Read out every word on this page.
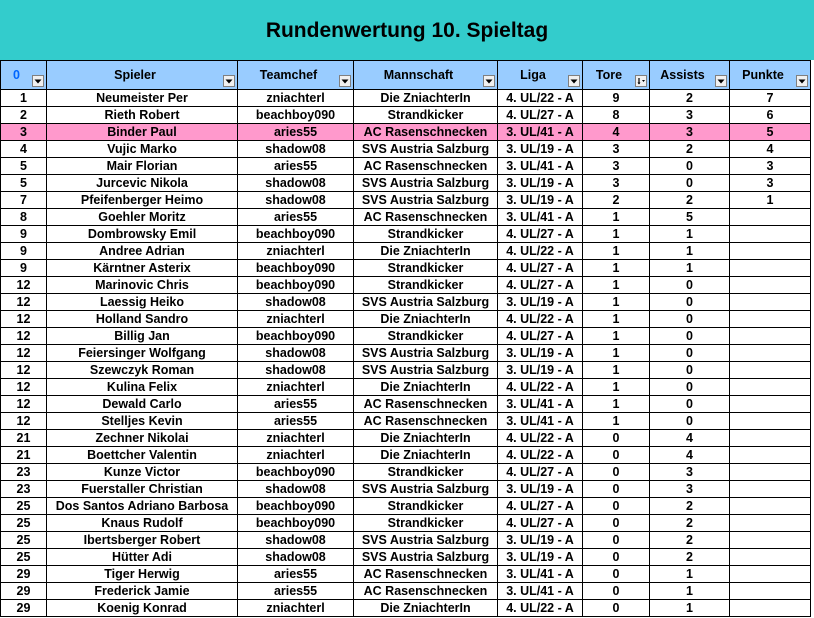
Rundenwertung 10. Spieltag
0	Spieler	Teamchef	Mannschaft	Liga	Tore	Assists	Punkte

1	Neumeister Per	zniachterl	Die ZniachterIn	4. UL/22 - A	9	2	7
2	Rieth Robert	beachboy090	Strandkicker	4. UL/27 - A	8	3	6
3	Binder Paul	aries55	AC Rasenschnecken	3. UL/41 - A	4	3	5
4	Vujic Marko	shadow08	SVS Austria Salzburg	3. UL/19 - A	3	2	4
5	Mair Florian	aries55	AC Rasenschnecken	3. UL/41 - A	3	0	3
5	Jurcevic Nikola	shadow08	SVS Austria Salzburg	3. UL/19 - A	3	0	3
7	Pfeifenberger Heimo	shadow08	SVS Austria Salzburg	3. UL/19 - A	2	2	1
8	Goehler Moritz	aries55	AC Rasenschnecken	3. UL/41 - A	1	5	
9	Dombrowsky Emil	beachboy090	Strandkicker	4. UL/27 - A	1	1	
9	Andree Adrian	zniachterl	Die ZniachterIn	4. UL/22 - A	1	1	
9	Kärntner Asterix	beachboy090	Strandkicker	4. UL/27 - A	1	1	
12	Marinovic Chris	beachboy090	Strandkicker	4. UL/27 - A	1	0	
12	Laessig Heiko	shadow08	SVS Austria Salzburg	3. UL/19 - A	1	0	
12	Holland Sandro	zniachterl	Die ZniachterIn	4. UL/22 - A	1	0	
12	Billig Jan	beachboy090	Strandkicker	4. UL/27 - A	1	0	
12	Feiersinger Wolfgang	shadow08	SVS Austria Salzburg	3. UL/19 - A	1	0	
12	Szewczyk Roman	shadow08	SVS Austria Salzburg	3. UL/19 - A	1	0	
12	Kulina Felix	zniachterl	Die ZniachterIn	4. UL/22 - A	1	0	
12	Dewald Carlo	aries55	AC Rasenschnecken	3. UL/41 - A	1	0	
12	Stelljes Kevin	aries55	AC Rasenschnecken	3. UL/41 - A	1	0	
21	Zechner Nikolai	zniachterl	Die ZniachterIn	4. UL/22 - A	0	4	
21	Boettcher Valentin	zniachterl	Die ZniachterIn	4. UL/22 - A	0	4	
23	Kunze Victor	beachboy090	Strandkicker	4. UL/27 - A	0	3	
23	Fuerstaller Christian	shadow08	SVS Austria Salzburg	3. UL/19 - A	0	3	
25	Dos Santos Adriano Barbosa	beachboy090	Strandkicker	4. UL/27 - A	0	2	
25	Knaus Rudolf	beachboy090	Strandkicker	4. UL/27 - A	0	2	
25	Ibertsberger Robert	shadow08	SVS Austria Salzburg	3. UL/19 - A	0	2	
25	Hütter Adi	shadow08	SVS Austria Salzburg	3. UL/19 - A	0	2	
29	Tiger Herwig	aries55	AC Rasenschnecken	3. UL/41 - A	0	1	
29	Frederick Jamie	aries55	AC Rasenschnecken	3. UL/41 - A	0	1	
29	Koenig Konrad	zniachterl	Die ZniachterIn	4. UL/22 - A	0	1	
